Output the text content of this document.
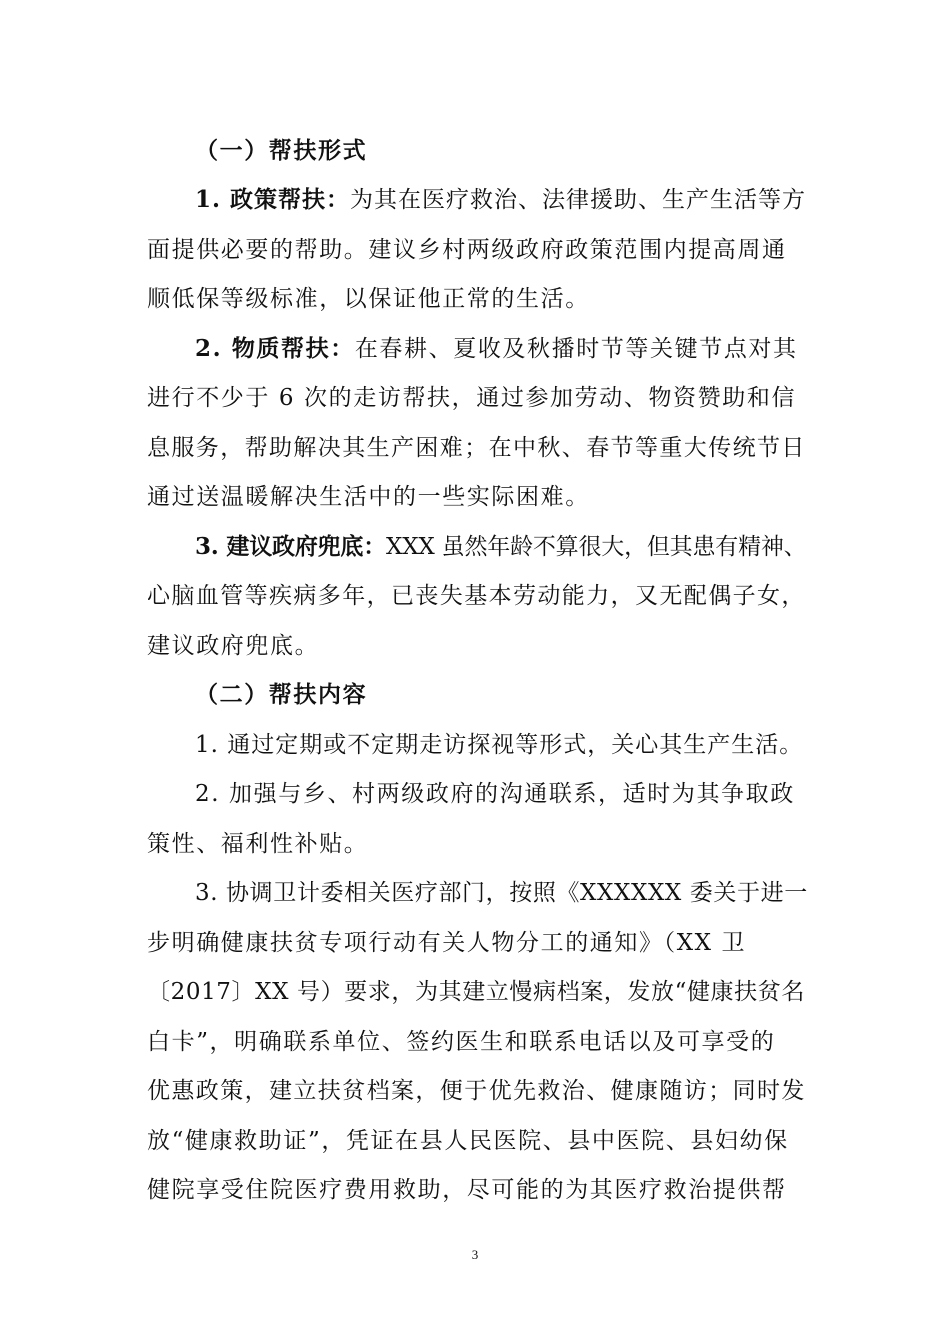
（一）帮扶形式
1. 政策帮扶：为其在医疗救治、法律援助、生产生活等方
面提供必要的帮助。建议乡村两级政府政策范围内提高周通
顺低保等级标准，以保证他正常的生活。
2. 物质帮扶：在春耕、夏收及秋播时节等关键节点对其
进行不少于 6 次的走访帮扶，通过参加劳动、物资赞助和信
息服务，帮助解决其生产困难；在中秋、春节等重大传统节日
通过送温暖解决生活中的一些实际困难。
3. 建议政府兜底：XXX 虽然年龄不算很大，但其患有精神、
心脑血管等疾病多年，已丧失基本劳动能力，又无配偶子女，
建议政府兜底。
（二）帮扶内容
1. 通过定期或不定期走访探视等形式，关心其生产生活。
2. 加强与乡、村两级政府的沟通联系，适时为其争取政
策性、福利性补贴。
3. 协调卫计委相关医疗部门，按照《XXXXXX 委关于进一
步明确健康扶贫专项行动有关人物分工的通知》（XX 卫
〔2017〕XX 号）要求，为其建立慢病档案，发放“健康扶贫名
白卡”，明确联系单位、签约医生和联系电话以及可享受的
优惠政策，建立扶贫档案，便于优先救治、健康随访；同时发
放“健康救助证”，凭证在县人民医院、县中医院、县妇幼保
健院享受住院医疗费用救助，尽可能的为其医疗救治提供帮
3
